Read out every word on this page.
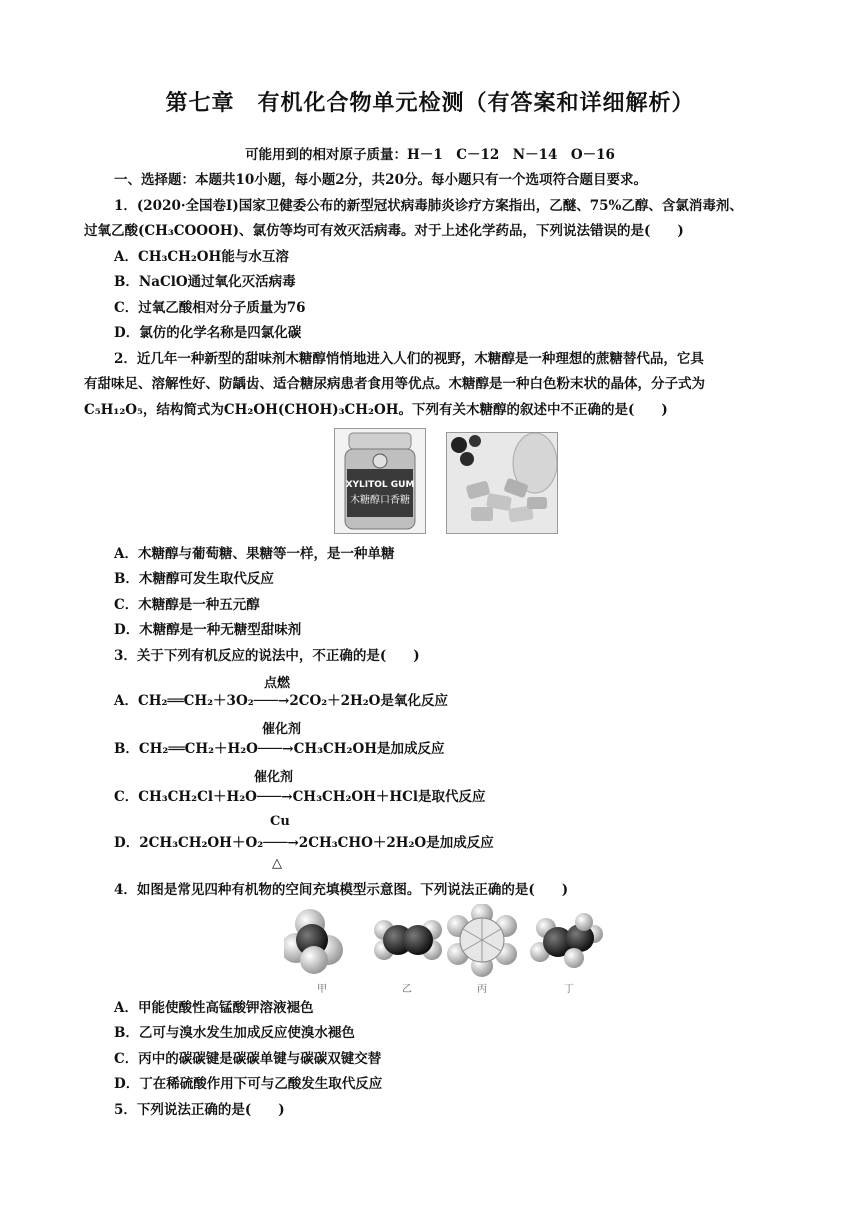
第七章　有机化合物单元检测（有答案和详细解析）
可能用到的相对原子质量：H－1　C－12　N－14　O－16
一、选择题：本题共10小题，每小题2分，共20分。每小题只有一个选项符合题目要求。
1．(2020·全国卷Ⅰ)国家卫健委公布的新型冠状病毒肺炎诊疗方案指出，乙醚、75%乙醇、含氯消毒剂、
过氧乙酸(CH₃COOOH)、氯仿等均可有效灭活病毒。对于上述化学药品，下列说法错误的是(　　)
A．CH₃CH₂OH能与水互溶
B．NaClO通过氧化灭活病毒
C．过氧乙酸相对分子质量为76
D．氯仿的化学名称是四氯化碳
2．近几年一种新型的甜味剂木糖醇悄悄地进入人们的视野，木糖醇是一种理想的蔗糖替代品，它具
有甜味足、溶解性好、防龋齿、适合糖尿病患者食用等优点。木糖醇是一种白色粉末状的晶体，分子式为
C₅H₁₂O₅，结构简式为CH₂OH(CHOH)₃CH₂OH。下列有关木糖醇的叙述中不正确的是(　　)
XYLITOL GUM
木糖醇口香糖
A．木糖醇与葡萄糖、果糖等一样，是一种单糖
B．木糖醇可发生取代反应
C．木糖醇是一种五元醇
D．木糖醇是一种无糖型甜味剂
3．关于下列有机反应的说法中，不正确的是(　　)
点燃
A．CH₂══CH₂＋3O₂───→2CO₂＋2H₂O是氧化反应
催化剂
B．CH₂══CH₂＋H₂O───→CH₃CH₂OH是加成反应
催化剂
C．CH₃CH₂Cl＋H₂O───→CH₃CH₂OH＋HCl是取代反应
Cu
D．2CH₃CH₂OH＋O₂───→2CH₃CHO＋2H₂O是加成反应
△
4．如图是常见四种有机物的空间充填模型示意图。下列说法正确的是(　　)
甲	乙	丙	丁
A．甲能使酸性高锰酸钾溶液褪色
B．乙可与溴水发生加成反应使溴水褪色
C．丙中的碳碳键是碳碳单键与碳碳双键交替
D．丁在稀硫酸作用下可与乙酸发生取代反应
5．下列说法正确的是(　　)
